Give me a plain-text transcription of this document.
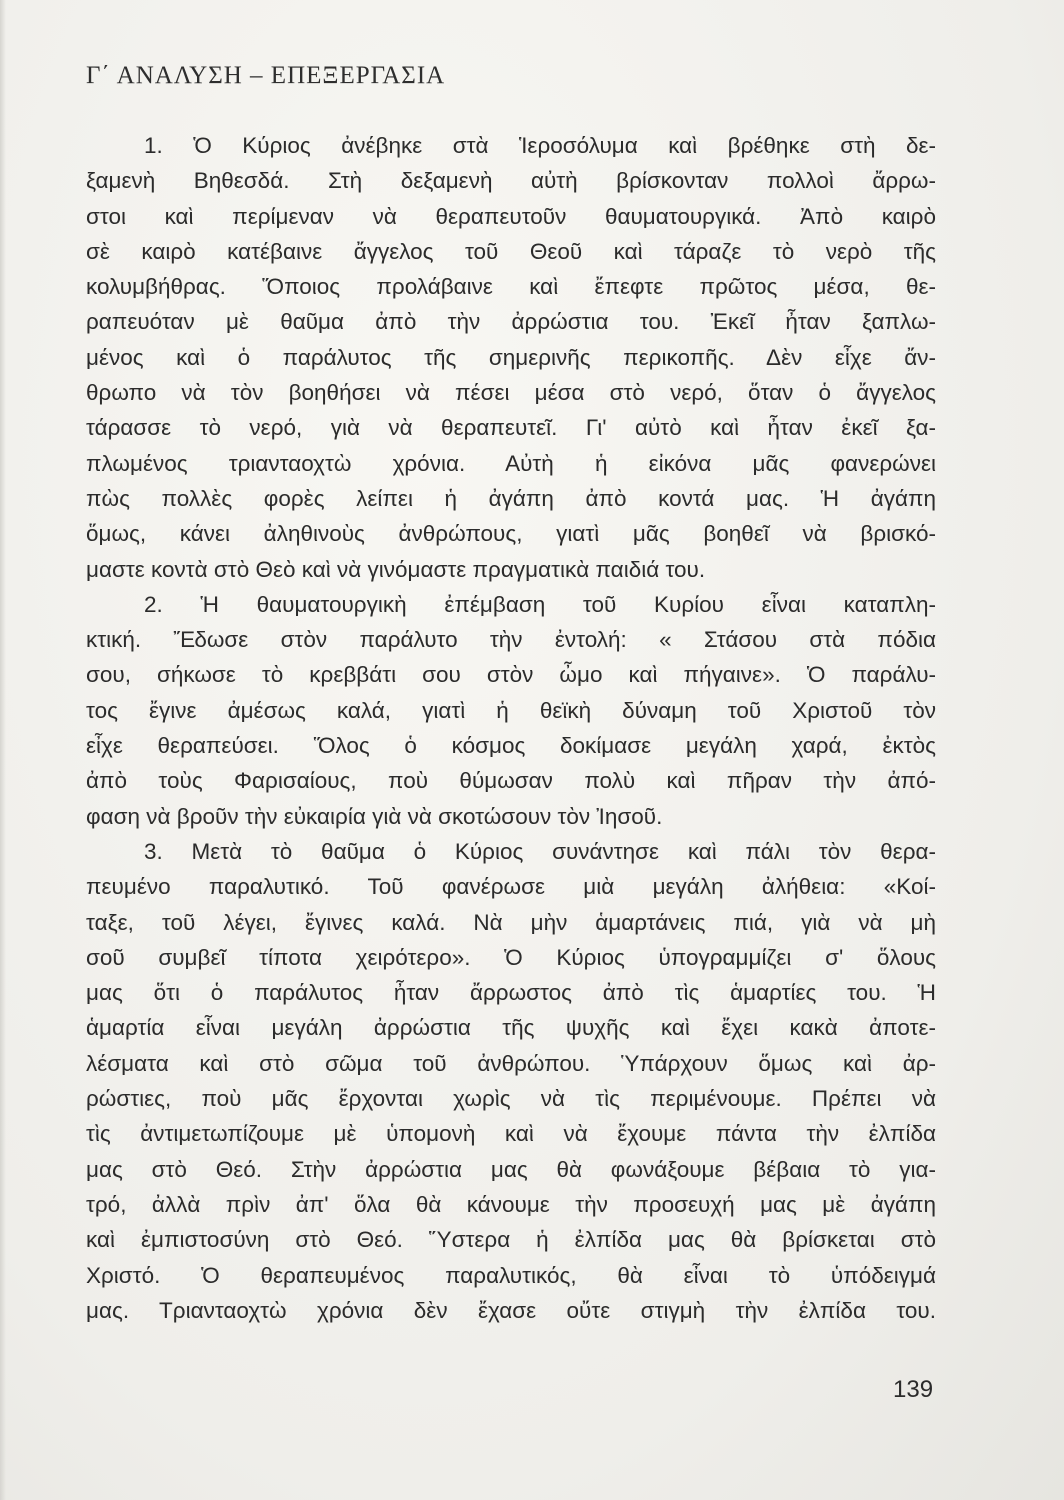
Γ΄ ΑΝΑΛΥΣΗ – ΕΠΕΞΕΡΓΑΣΙΑ
1. Ὁ Κύριος ἀνέβηκε στὰ Ἱεροσόλυμα καὶ βρέθηκε στὴ δε-
ξαμενὴ Βηθεσδά. Στὴ δεξαμενὴ αὐτὴ βρίσκονταν πολλοὶ ἄρρω-
στοι καὶ περίμεναν νὰ θεραπευτοῦν θαυματουργικά. Ἀπὸ καιρὸ
σὲ καιρὸ κατέβαινε ἄγγελος τοῦ Θεοῦ καὶ τάραζε τὸ νερὸ τῆς
κολυμβήθρας. Ὅποιος προλάβαινε καὶ ἔπεφτε πρῶτος μέσα, θε-
ραπευόταν μὲ θαῦμα ἀπὸ τὴν ἀρρώστια του. Ἐκεῖ ἦταν ξαπλω-
μένος καὶ ὁ παράλυτος τῆς σημερινῆς περικοπῆς. Δὲν εἶχε ἄν-
θρωπο νὰ τὸν βοηθήσει νὰ πέσει μέσα στὸ νερό, ὅταν ὁ ἄγγελος
τάρασσε τὸ νερό, γιὰ νὰ θεραπευτεῖ. Γι' αὐτὸ καὶ ἦταν ἐκεῖ ξα-
πλωμένος τριανταοχτὼ χρόνια. Αὐτὴ ἡ εἰκόνα μᾶς φανερώνει
πὼς πολλὲς φορὲς λείπει ἡ ἀγάπη ἀπὸ κοντά μας. Ἡ ἀγάπη
ὅμως, κάνει ἀληθινοὺς ἀνθρώπους, γιατὶ μᾶς βοηθεῖ νὰ βρισκό-
μαστε κοντὰ στὸ Θεὸ καὶ νὰ γινόμαστε πραγματικὰ παιδιά του.
2. Ἡ θαυματουργικὴ ἐπέμβαση τοῦ Κυρίου εἶναι καταπλη-
κτική. Ἔδωσε στὸν παράλυτο τὴν ἐντολή: « Στάσου στὰ πόδια
σου, σήκωσε τὸ κρεββάτι σου στὸν ὦμο καὶ πήγαινε». Ὁ παράλυ-
τος ἔγινε ἀμέσως καλά, γιατὶ ἡ θεϊκὴ δύναμη τοῦ Χριστοῦ τὸν
εἶχε θεραπεύσει. Ὅλος ὁ κόσμος δοκίμασε μεγάλη χαρά, ἐκτὸς
ἀπὸ τοὺς Φαρισαίους, ποὺ θύμωσαν πολὺ καὶ πῆραν τὴν ἀπό-
φαση νὰ βροῦν τὴν εὐκαιρία γιὰ νὰ σκοτώσουν τὸν Ἰησοῦ.
3. Μετὰ τὸ θαῦμα ὁ Κύριος συνάντησε καὶ πάλι τὸν θερα-
πευμένο παραλυτικό. Τοῦ φανέρωσε μιὰ μεγάλη ἀλήθεια: «Κοί-
ταξε, τοῦ λέγει, ἔγινες καλά. Νὰ μὴν ἁμαρτάνεις πιά, γιὰ νὰ μὴ
σοῦ συμβεῖ τίποτα χειρότερο». Ὁ Κύριος ὑπογραμμίζει σ' ὅλους
μας ὅτι ὁ παράλυτος ἦταν ἄρρωστος ἀπὸ τὶς ἁμαρτίες του. Ἡ
ἁμαρτία εἶναι μεγάλη ἀρρώστια τῆς ψυχῆς καὶ ἔχει κακὰ ἀποτε-
λέσματα καὶ στὸ σῶμα τοῦ ἀνθρώπου. Ὑπάρχουν ὅμως καὶ ἀρ-
ρώστιες, ποὺ μᾶς ἔρχονται χωρὶς νὰ τὶς περιμένουμε. Πρέπει νὰ
τὶς ἀντιμετωπίζουμε μὲ ὑπομονὴ καὶ νὰ ἔχουμε πάντα τὴν ἐλπίδα
μας στὸ Θεό. Στὴν ἀρρώστια μας θὰ φωνάξουμε βέβαια τὸ για-
τρό, ἀλλὰ πρὶν ἀπ' ὅλα θὰ κάνουμε τὴν προσευχή μας μὲ ἀγάπη
καὶ ἐμπιστοσύνη στὸ Θεό. Ὕστερα ἡ ἐλπίδα μας θὰ βρίσκεται στὸ
Χριστό. Ὁ θεραπευμένος παραλυτικός, θὰ εἶναι τὸ ὑπόδειγμά
μας. Τριανταοχτὼ χρόνια δὲν ἔχασε οὔτε στιγμὴ τὴν ἐλπίδα του.
139
